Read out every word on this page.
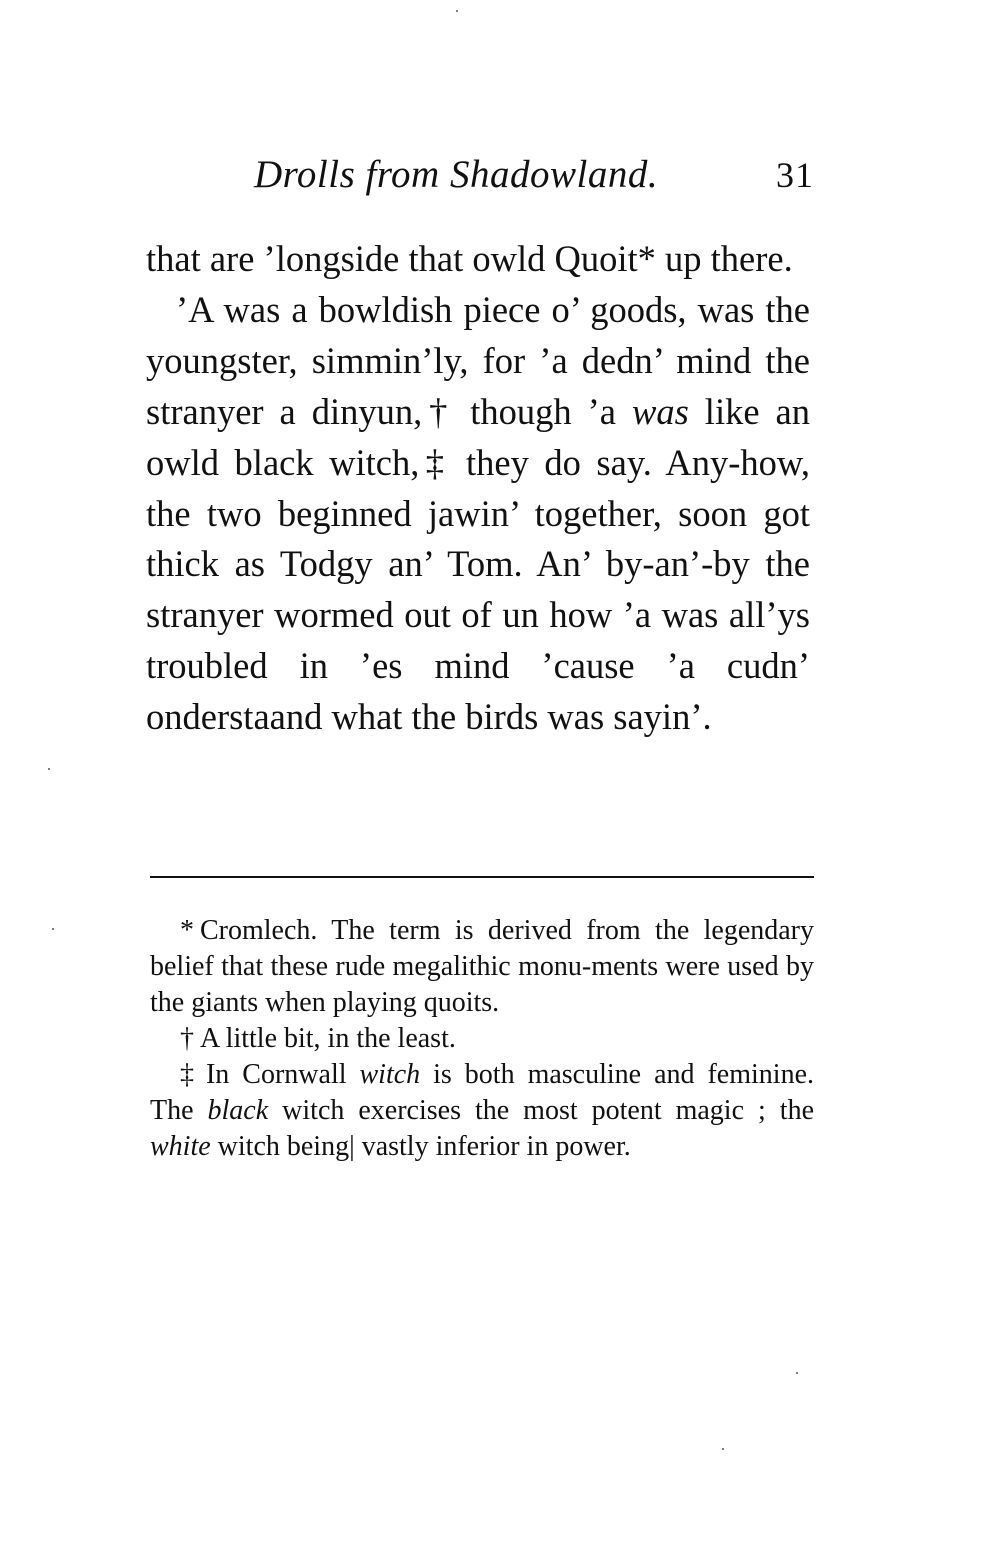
Drolls from Shadowland.	31

that are ’longside that owld Quoit* up there.

’A was a bowldish piece o’ goods, was the youngster, simmin’ly, for ’a dedn’ mind the stranyer a dinyun,† though ’a was like an owld black witch,‡ they do say. Any-how, the two beginned jawin’ together, soon got thick as Todgy an’ Tom. An’ by-an’-by the stranyer wormed out of un how ’a was all’ys troubled in ’es mind ’cause ’a cudn’ onderstaand what the birds was sayin’.

* Cromlech. The term is derived from the legendary belief that these rude megalithic monu-ments were used by the giants when playing quoits.

† A little bit, in the least.

‡ In Cornwall witch is both masculine and feminine. The black witch exercises the most potent magic ; the white witch being| vastly inferior in power.
